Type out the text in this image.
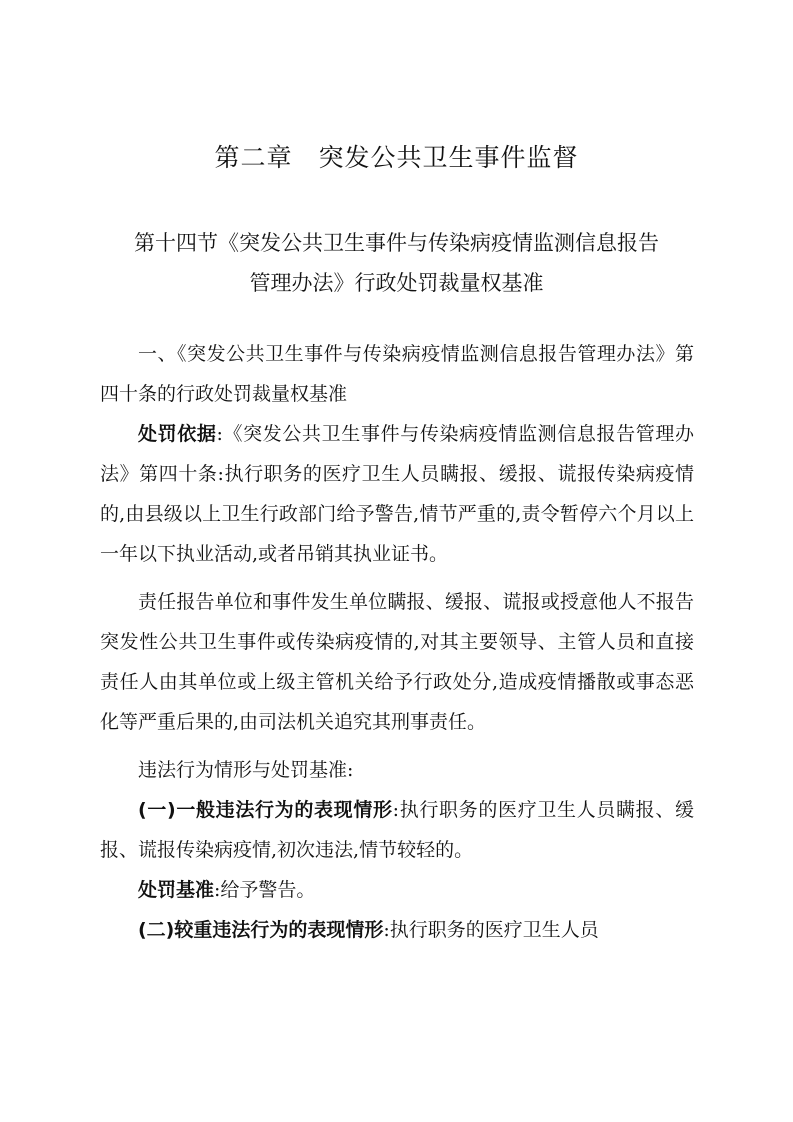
第二章 突发公共卫生事件监督
第十四节《突发公共卫生事件与传染病疫情监测信息报告
管理办法》行政处罚裁量权基准

一、《突发公共卫生事件与传染病疫情监测信息报告管理办法》第四十条的行政处罚裁量权基准

处罚依据:《突发公共卫生事件与传染病疫情监测信息报告管理办法》第四十条:执行职务的医疗卫生人员瞒报、缓报、谎报传染病疫情的,由县级以上卫生行政部门给予警告,情节严重的,责令暂停六个月以上一年以下执业活动,或者吊销其执业证书。

责任报告单位和事件发生单位瞒报、缓报、谎报或授意他人不报告突发性公共卫生事件或传染病疫情的,对其主要领导、主管人员和直接责任人由其单位或上级主管机关给予行政处分,造成疫情播散或事态恶化等严重后果的,由司法机关追究其刑事责任。

违法行为情形与处罚基准:

(一)一般违法行为的表现情形:执行职务的医疗卫生人员瞒报、缓报、谎报传染病疫情,初次违法,情节较轻的。

处罚基准:给予警告。

(二)较重违法行为的表现情形:执行职务的医疗卫生人员
